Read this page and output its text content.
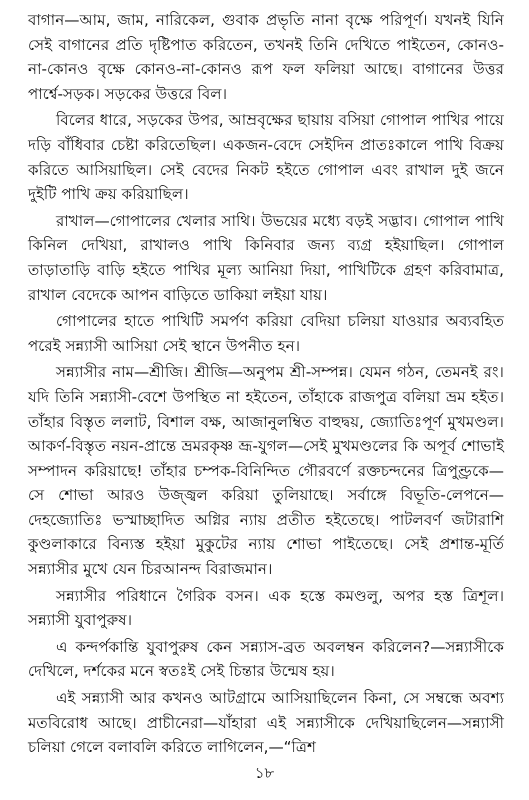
বাগান—আম, জাম, নারিকেল, গুবাক প্রভৃতি নানা বৃক্ষে পরিপূর্ণ। যখনই যিনি সেই বাগানের প্রতি দৃষ্টিপাত করিতেন, তখনই তিনি দেখিতে পাইতেন, কোনও-না-কোনও বৃক্ষে কোনও-না-কোনও রূপ ফল ফলিয়া আছে। বাগানের উত্তর পার্শ্বে-সড়ক। সড়কের উত্তরে বিল।

বিলের ধারে, সড়কের উপর, আম্রবৃক্ষের ছায়ায় বসিয়া গোপাল পাখির পায়ে দড়ি বাঁধিবার চেষ্টা করিতেছিল। একজন-বেদে সেইদিন প্রাতঃকালে পাখি বিক্রয় করিতে আসিয়াছিল। সেই বেদের নিকট হইতে গোপাল এবং রাখাল দুই জনে দুইটি পাখি ক্রয় করিয়াছিল।

রাখাল—গোপালের খেলার সাথি। উভয়ের মধ্যে বড়ই সদ্ভাব। গোপাল পাখি কিনিল দেখিয়া, রাখালও পাখি কিনিবার জন্য ব্যগ্র হইয়াছিল। গোপাল তাড়াতাড়ি বাড়ি হইতে পাখির মূল্য আনিয়া দিয়া, পাখিটিকে গ্রহণ করিবামাত্র, রাখাল বেদেকে আপন বাড়িতে ডাকিয়া লইয়া যায়।

গোপালের হাতে পাখিটি সমর্পণ করিয়া বেদিয়া চলিয়া যাওয়ার অব্যবহিত পরেই সন্ন্যাসী আসিয়া সেই স্থানে উপনীত হন।

সন্ন্যাসীর নাম—শ্রীজি। শ্রীজি—অনুপম শ্রী-সম্পন্ন। যেমন গঠন, তেমনই রং। যদি তিনি সন্ন্যাসী-বেশে উপস্থিত না হইতেন, তাঁহাকে রাজপুত্র বলিয়া ভ্রম হইত। তাঁহার বিস্তৃত ললাট, বিশাল বক্ষ, আজানুলম্বিত বাহুদ্বয়, জ্যোতিঃপূর্ণ মুখমণ্ডল। আকর্ণ-বিস্তৃত নয়ন-প্রান্তে ভ্রমরকৃষ্ণ ভ্রূ-যুগল—সেই মুখমণ্ডলের কি অপূর্ব শোভাই সম্পাদন করিয়াছে! তাঁহার চম্পক-বিনিন্দিত গৌরবর্ণে রক্তচন্দনের ত্রিপুণ্ড্রকে—সে শোভা আরও উজ্জ্বল করিয়া তুলিয়াছে। সর্বাঙ্গে বিভূতি-লেপনে—দেহজ্যোতিঃ ভস্মাচ্ছাদিত অগ্নির ন্যায় প্রতীত হইতেছে। পাটলবর্ণ জটারাশি কুণ্ডলাকারে বিন্যস্ত হইয়া মুকুটের ন্যায় শোভা পাইতেছে। সেই প্রশান্ত-মূর্তি সন্ন্যাসীর মুখে যেন চিরআনন্দ বিরাজমান।

সন্ন্যাসীর পরিধানে গৈরিক বসন। এক হস্তে কমণ্ডলু, অপর হস্ত ত্রিশূল। সন্ন্যাসী যুবাপুরুষ।

এ কন্দর্পকান্তি যুবাপুরুষ কেন সন্ন্যাস-ব্রত অবলম্বন করিলেন?—সন্ন্যাসীকে দেখিলে, দর্শকের মনে স্বতঃই সেই চিন্তার উন্মেষ হয়।

এই সন্ন্যাসী আর কখনও আটগ্রামে আসিয়াছিলেন কিনা, সে সম্বন্ধে অবশ্য মতবিরোধ আছে। প্রাচীনেরা—যাঁহারা এই সন্ন্যাসীকে দেখিয়াছিলেন—সন্ন্যাসী চলিয়া গেলে বলাবলি করিতে লাগিলেন,—“ত্রিশ

১৮
